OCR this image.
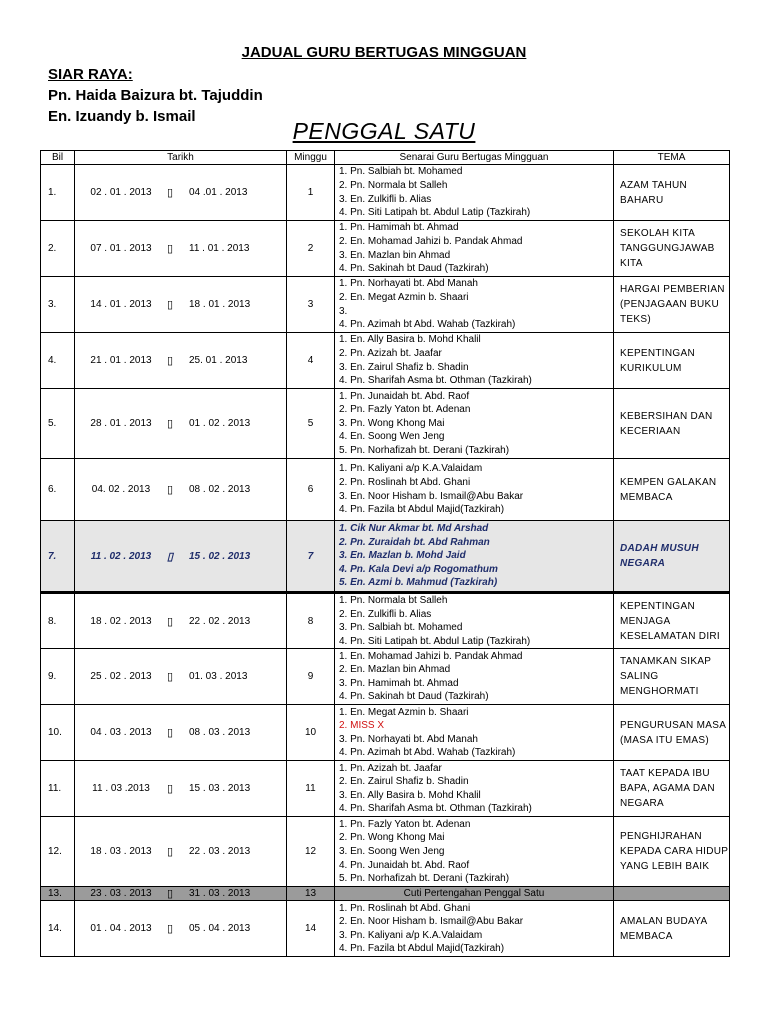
JADUAL GURU BERTUGAS MINGGUAN
SIAR RAYA:
Pn. Haida Baizura bt. Tajuddin
En. Izuandy b. Ismail
PENGGAL SATU
Bil	Tarikh	Minggu	Senarai Guru Bertugas Mingguan	TEMA
1.	02 . 01 . 2013 ▯ 04 .01 . 2013	1	1. Pn. Salbiah bt. Mohamed
2. Pn. Normala bt Salleh
3. En. Zulkifli b. Alias
4. Pn. Siti Latipah bt. Abdul Latip (Tazkirah)	AZAM TAHUN
BAHARU

2.	07 . 01 . 2013 ▯ 11 . 01 . 2013	2	1. Pn. Hamimah bt. Ahmad
2. En. Mohamad Jahizi b. Pandak Ahmad
3. En. Mazlan bin Ahmad
4. Pn. Sakinah bt Daud (Tazkirah)	SEKOLAH KITA
TANGGUNGJAWAB
KITA

3.	14 . 01 . 2013 ▯ 18 . 01 . 2013	3	1. Pn. Norhayati bt. Abd Manah
2. En. Megat Azmin b. Shaari
3.
4. Pn. Azimah bt Abd. Wahab (Tazkirah)	HARGAI PEMBERIAN
(PENJAGAAN BUKU
TEKS)

4.	21 . 01 . 2013 ▯ 25. 01 . 2013	4	1. En. Ally Basira b. Mohd Khalil
2. Pn. Azizah bt. Jaafar
3. En. Zairul Shafiz b. Shadin
4. Pn. Sharifah Asma bt. Othman (Tazkirah)	KEPENTINGAN
KURIKULUM

5.	28 . 01 . 2013 ▯ 01 . 02 . 2013	5	1. Pn. Junaidah bt. Abd. Raof
2. Pn. Fazly Yaton bt. Adenan
3. Pn. Wong Khong Mai
4. En. Soong Wen Jeng
5. Pn. Norhafizah bt. Derani (Tazkirah)	KEBERSIHAN DAN
KECERIAAN

6.	04. 02 . 2013 ▯ 08 . 02 . 2013	6	1. Pn. Kaliyani a/p K.A.Valaidam
2. Pn. Roslinah bt Abd. Ghani
3. En. Noor Hisham b. Ismail@Abu Bakar
4. Pn. Fazila bt Abdul Majid(Tazkirah)	KEMPEN GALAKAN
MEMBACA

7.	11 . 02 . 2013 ▯ 15 . 02 . 2013	7	1. Cik Nur Akmar bt. Md Arshad
2. Pn. Zuraidah bt. Abd Rahman
3. En. Mazlan b. Mohd Jaid
4. Pn. Kala Devi a/p Rogomathum
5. En. Azmi b. Mahmud (Tazkirah)	DADAH MUSUH
NEGARA

8.	18 . 02 . 2013 ▯ 22 . 02 . 2013	8	1. Pn. Normala bt Salleh
2. En. Zulkifli b. Alias
3. Pn. Salbiah bt. Mohamed
4. Pn. Siti Latipah bt. Abdul Latip (Tazkirah)	KEPENTINGAN
MENJAGA
KESELAMATAN DIRI

9.	25 . 02 . 2013 ▯ 01. 03 . 2013	9	1. En. Mohamad Jahizi b. Pandak Ahmad
2. En. Mazlan bin Ahmad
3. Pn. Hamimah bt. Ahmad
4. Pn. Sakinah bt Daud (Tazkirah)	TANAMKAN SIKAP
SALING
MENGHORMATI

10.	04 . 03 . 2013 ▯ 08 . 03 . 2013	10	1. En. Megat Azmin b. Shaari
2. MISS X
3. Pn. Norhayati bt. Abd Manah
4. Pn. Azimah bt Abd. Wahab (Tazkirah)	PENGURUSAN MASA
(MASA ITU EMAS)

11.	11 . 03 .2013 ▯ 15 . 03 . 2013	11	1. Pn. Azizah bt. Jaafar
2. En. Zairul Shafiz b. Shadin
3. En. Ally Basira b. Mohd Khalil
4. Pn. Sharifah Asma bt. Othman (Tazkirah)	TAAT KEPADA IBU
BAPA, AGAMA DAN
NEGARA

12.	18 . 03 . 2013 ▯ 22 . 03 . 2013	12	1. Pn. Fazly Yaton bt. Adenan
2. Pn. Wong Khong Mai
3. En. Soong Wen Jeng
4. Pn. Junaidah bt. Abd. Raof
5. Pn. Norhafizah bt. Derani (Tazkirah)	PENGHIJRAHAN
KEPADA CARA HIDUP
YANG LEBIH BAIK

13.	23 . 03 . 2013 ▯ 31 . 03 . 2013	13	Cuti Pertengahan Penggal Satu	

14.	01 . 04 . 2013 ▯ 05 . 04 . 2013	14	1. Pn. Roslinah bt Abd. Ghani
2. En. Noor Hisham b. Ismail@Abu Bakar
3. Pn. Kaliyani a/p K.A.Valaidam
4. Pn. Fazila bt Abdul Majid(Tazkirah)	AMALAN BUDAYA
MEMBACA
